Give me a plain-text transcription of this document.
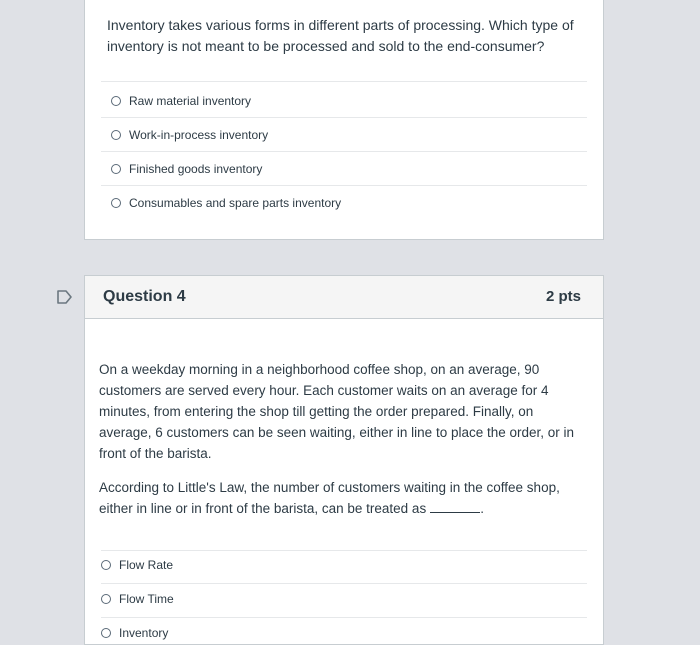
Inventory takes various forms in different parts of processing. Which type of inventory is not meant to be processed and sold to the end-consumer?
Raw material inventory
Work-in-process inventory
Finished goods inventory
Consumables and spare parts inventory
Question 4	2 pts
On a weekday morning in a neighborhood coffee shop, on an average, 90 customers are served every hour. Each customer waits on an average for 4 minutes, from entering the shop till getting the order prepared. Finally, on average, 6 customers can be seen waiting, either in line to place the order, or in front of the barista.
According to Little's Law, the number of customers waiting in the coffee shop, either in line or in front of the barista, can be treated as	.
Flow Rate
Flow Time
Inventory
